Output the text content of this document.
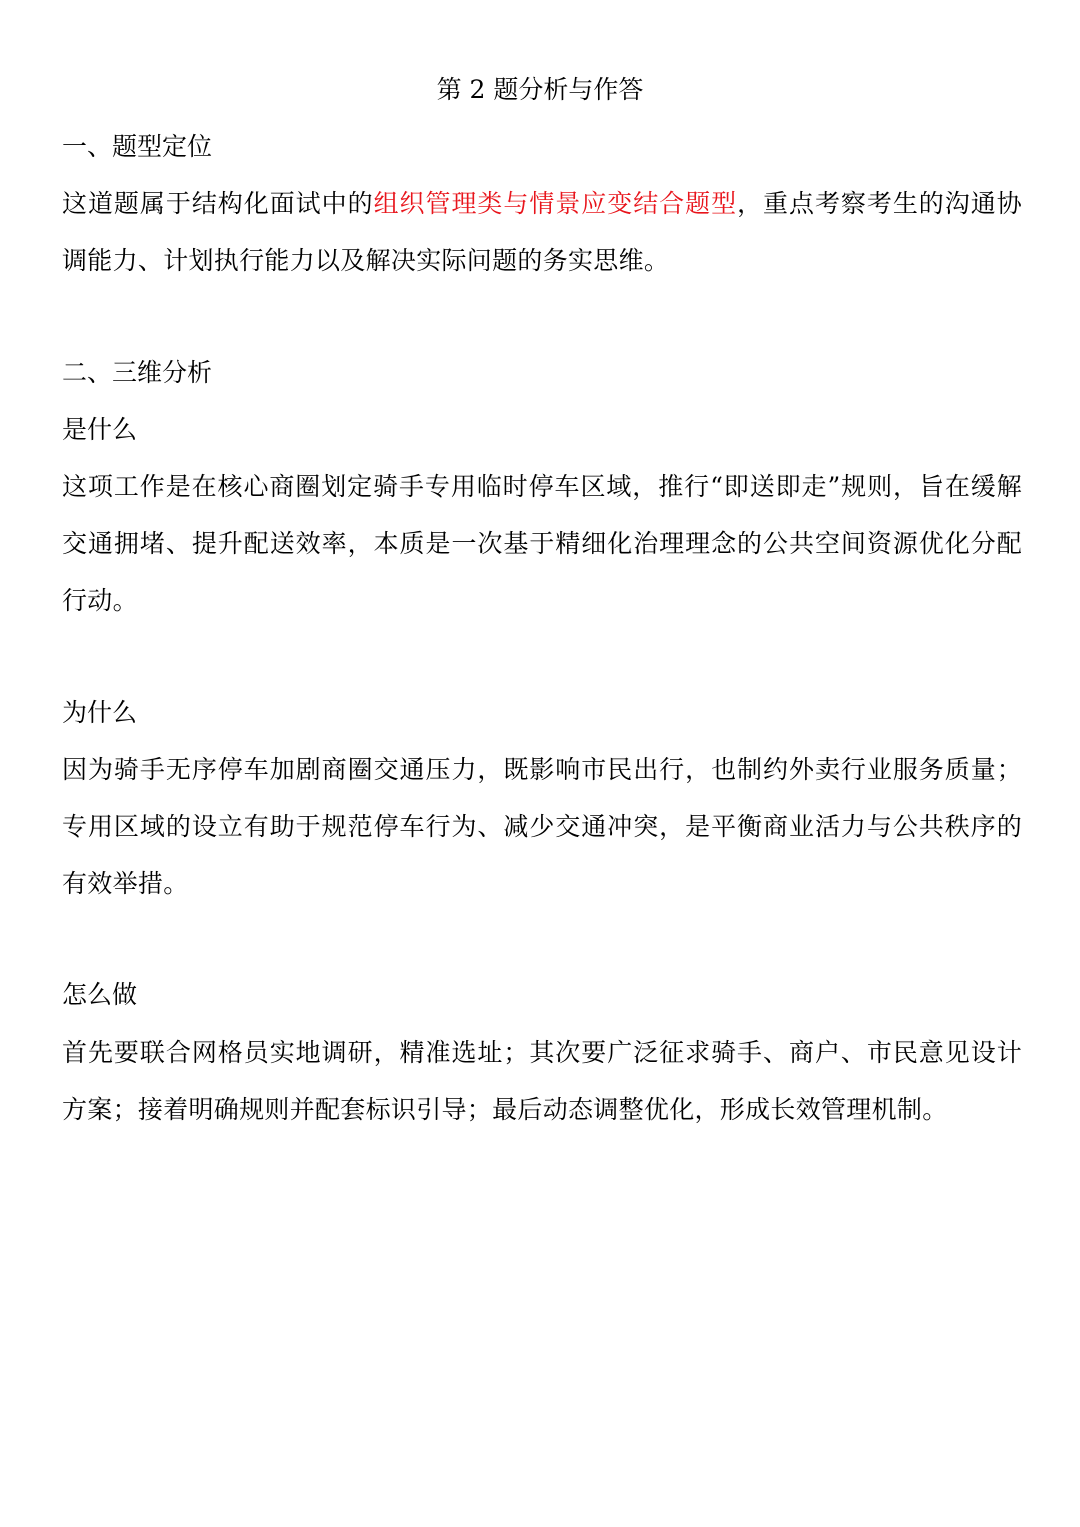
第 2 题分析与作答
一、题型定位

这道题属于结构化面试中的组织管理类与情景应变结合题型，重点考察考生的沟通协调能力、计划执行能力以及解决实际问题的务实思维。

二、三维分析
是什么

这项工作是在核心商圈划定骑手专用临时停车区域，推行“即送即走”规则，旨在缓解交通拥堵、提升配送效率，本质是一次基于精细化治理理念的公共空间资源优化分配行动。

为什么

因为骑手无序停车加剧商圈交通压力，既影响市民出行，也制约外卖行业服务质量；专用区域的设立有助于规范停车行为、减少交通冲突，是平衡商业活力与公共秩序的有效举措。

怎么做

首先要联合网格员实地调研，精准选址；其次要广泛征求骑手、商户、市民意见设计方案；接着明确规则并配套标识引导；最后动态调整优化，形成长效管理机制。
